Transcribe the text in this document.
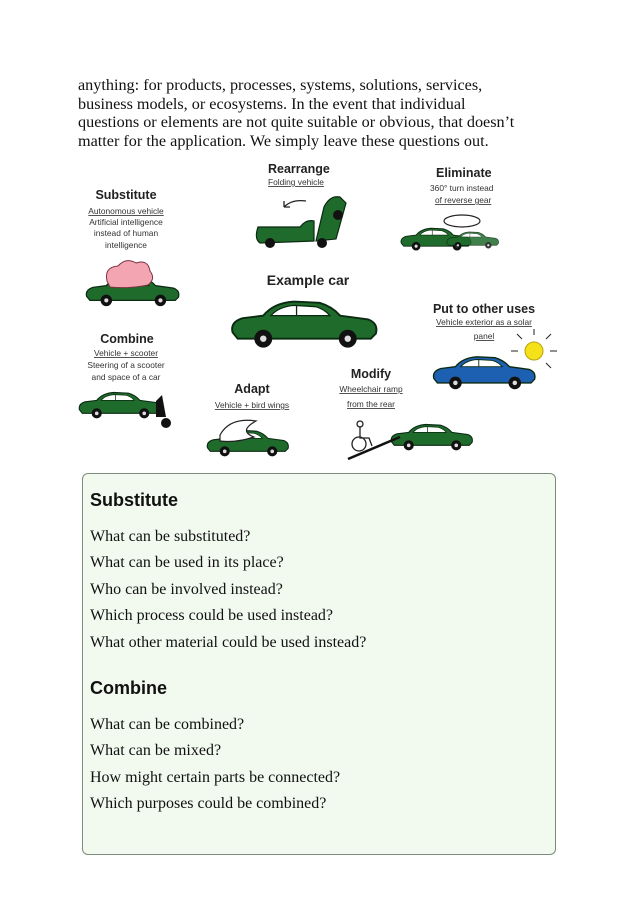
anything: for products, processes, systems, solutions, services,
business models, or ecosystems. In the event that individual
questions or elements are not quite suitable or obvious, that doesn’t
matter for the application. We simply leave these questions out.

Substitute
Autonomous vehicle
Artificial intelligence
instead of human
intelligence
Rearrange
Folding vehicle
Eliminate
360° turn instead
of reverse gear
Example car
Put to other uses
Vehicle exterior as a solar
panel
Combine
Vehicle + scooter
Steering of a scooter
and space of a car
Adapt
Vehicle + bird wings
Modify
Wheelchair ramp
from the rear
Substitute

What can be substituted?

What can be used in its place?

Who can be involved instead?

Which process could be used instead?

What other material could be used instead?

Combine

What can be combined?

What can be mixed?

How might certain parts be connected?

Which purposes could be combined?
